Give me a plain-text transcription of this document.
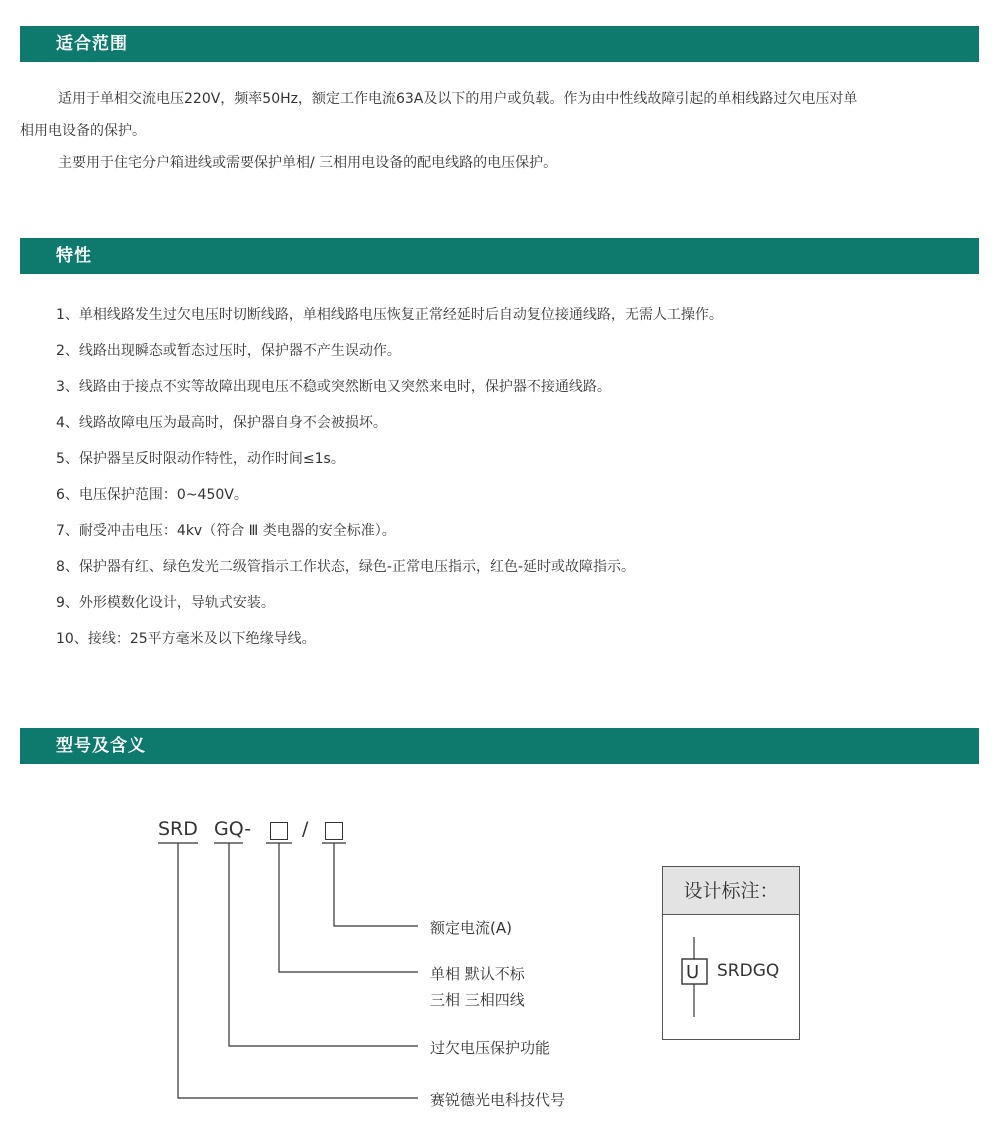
适合范围

适用于单相交流电压220V，频率50Hz，额定工作电流63A及以下的用户或负载。作为由中性线故障引起的单相线路过欠电压对单
相用电设备的保护。

主要用于住宅分户箱进线或需要保护单相/ 三相用电设备的配电线路的电压保护。

特性

1、单相线路发生过欠电压时切断线路，单相线路电压恢复正常经延时后自动复位接通线路，无需人工操作。

2、线路出现瞬态或暂态过压时，保护器不产生误动作。

3、线路由于接点不实等故障出现电压不稳或突然断电又突然来电时，保护器不接通线路。

4、线路故障电压为最高时，保护器自身不会被损坏。

5、保护器呈反时限动作特性，动作时间≤1s。

6、电压保护范围：0~450V。

7、耐受冲击电压：4kv（符合 Ⅲ 类电器的安全标准）。

8、保护器有红、绿色发光二级管指示工作状态，绿色-正常电压指示，红色-延时或故障指示。

9、外形模数化设计，导轨式安装。

10、接线：25平方毫米及以下绝缘导线。

型号及含义
SRD GQ-	/
额定电流(A)
单相 默认不标
三相 三相四线
过欠电压保护功能
赛锐德光电科技代号
设计标注：
U SRDGQ
